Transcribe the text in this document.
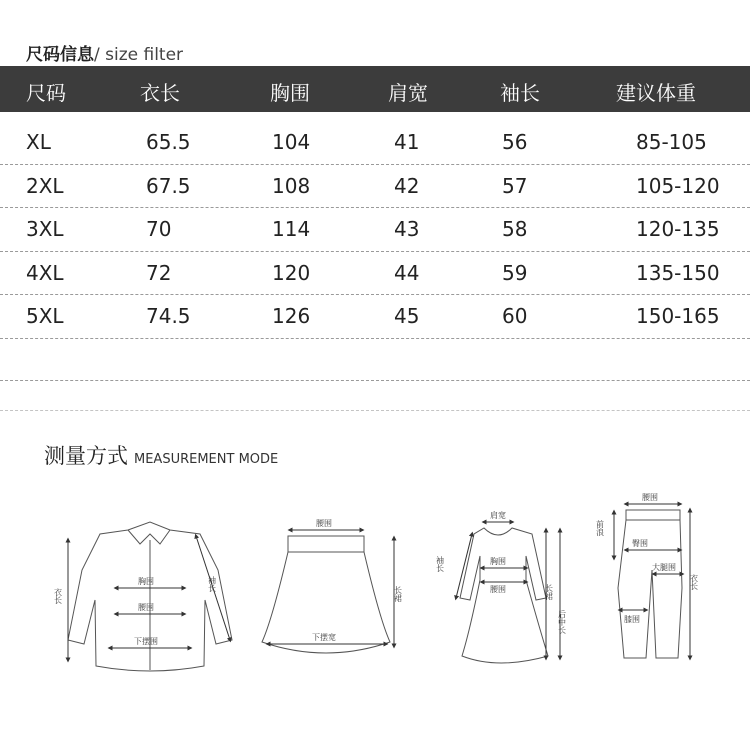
尺码信息/ size filter
尺码	衣长	胸围	肩宽	袖长	建议体重
XL	65.5	104	41	56	85-105
2XL	67.5	108	42	57	105-120
3XL	70	114	43	58	120-135
4XL	72	120	44	59	135-150
5XL	74.5	126	45	60	150-165
测量方式 MEASUREMENT MODE
衣长
袖长
胸围
腰围
下摆围
腰围
长裙
下摆宽
肩宽
袖长	胸围
腰围	长裙
后中长
腰围
前浪
臀围
大腿围
膝围
衣长
